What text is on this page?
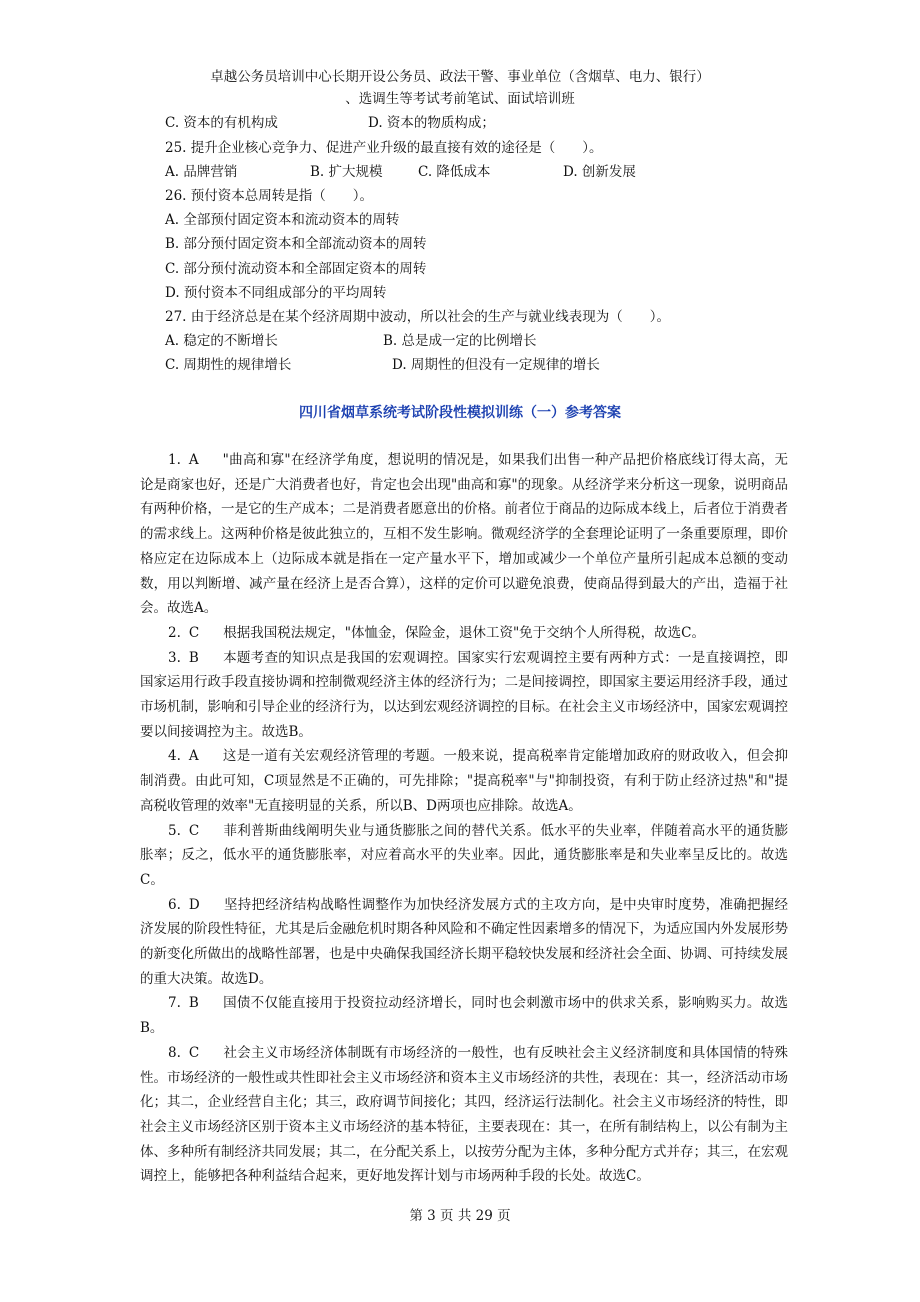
卓越公务员培训中心长期开设公务员、政法干警、事业单位（含烟草、电力、银行）
、选调生等考试考前笔试、面试培训班
C. 资本的有机构成	D. 资本的物质构成；
25. 提升企业核心竞争力、促进产业升级的最直接有效的途径是（　　）。
A. 品牌营销	B. 扩大规模	C. 降低成本	D. 创新发展
26. 预付资本总周转是指（　　）。
A. 全部预付固定资本和流动资本的周转
B. 部分预付固定资本和全部流动资本的周转
C. 部分预付流动资本和全部固定资本的周转
D. 预付资本不同组成部分的平均周转
27. 由于经济总是在某个经济周期中波动，所以社会的生产与就业线表现为（　　）。
A. 稳定的不断增长	B. 总是成一定的比例增长
C. 周期性的规律增长	D. 周期性的但没有一定规律的增长
四川省烟草系统考试阶段性模拟训练（一）参考答案

1. A "曲高和寡"在经济学角度，想说明的情况是，如果我们出售一种产品把价格底线订得太高，无论是商家也好，还是广大消费者也好，肯定也会出现"曲高和寡"的现象。从经济学来分析这一现象，说明商品有两种价格，一是它的生产成本；二是消费者愿意出的价格。前者位于商品的边际成本线上，后者位于消费者的需求线上。这两种价格是彼此独立的，互相不发生影响。微观经济学的全套理论证明了一条重要原理，即价格应定在边际成本上（边际成本就是指在一定产量水平下，增加或减少一个单位产量所引起成本总额的变动数，用以判断增、减产量在经济上是否合算），这样的定价可以避免浪费，使商品得到最大的产出，造福于社会。故选A。

2. C 根据我国税法规定，"体恤金，保险金，退休工资"免于交纳个人所得税，故选C。

3. B 本题考查的知识点是我国的宏观调控。国家实行宏观调控主要有两种方式：一是直接调控，即国家运用行政手段直接协调和控制微观经济主体的经济行为；二是间接调控，即国家主要运用经济手段，通过市场机制，影响和引导企业的经济行为，以达到宏观经济调控的目标。在社会主义市场经济中，国家宏观调控要以间接调控为主。故选B。

4. A 这是一道有关宏观经济管理的考题。一般来说，提高税率肯定能增加政府的财政收入，但会抑制消费。由此可知，C项显然是不正确的，可先排除；"提高税率"与"抑制投资，有利于防止经济过热"和"提高税收管理的效率"无直接明显的关系，所以B、D两项也应排除。故选A。

5. C 菲利普斯曲线阐明失业与通货膨胀之间的替代关系。低水平的失业率，伴随着高水平的通货膨胀率；反之，低水平的通货膨胀率，对应着高水平的失业率。因此，通货膨胀率是和失业率呈反比的。故选C。

6. D 坚持把经济结构战略性调整作为加快经济发展方式的主攻方向，是中央审时度势，准确把握经济发展的阶段性特征，尤其是后金融危机时期各种风险和不确定性因素增多的情况下，为适应国内外发展形势的新变化所做出的战略性部署，也是中央确保我国经济长期平稳较快发展和经济社会全面、协调、可持续发展的重大决策。故选D。

7. B 国债不仅能直接用于投资拉动经济增长，同时也会刺激市场中的供求关系，影响购买力。故选B。

8. C 社会主义市场经济体制既有市场经济的一般性，也有反映社会主义经济制度和具体国情的特殊性。市场经济的一般性或共性即社会主义市场经济和资本主义市场经济的共性，表现在：其一，经济活动市场化；其二，企业经营自主化；其三，政府调节间接化；其四，经济运行法制化。社会主义市场经济的特性，即社会主义市场经济区别于资本主义市场经济的基本特征，主要表现在：其一，在所有制结构上，以公有制为主体、多种所有制经济共同发展；其二，在分配关系上，以按劳分配为主体，多种分配方式并存；其三，在宏观调控上，能够把各种利益结合起来，更好地发挥计划与市场两种手段的长处。故选C。

第 3 页 共 29 页
